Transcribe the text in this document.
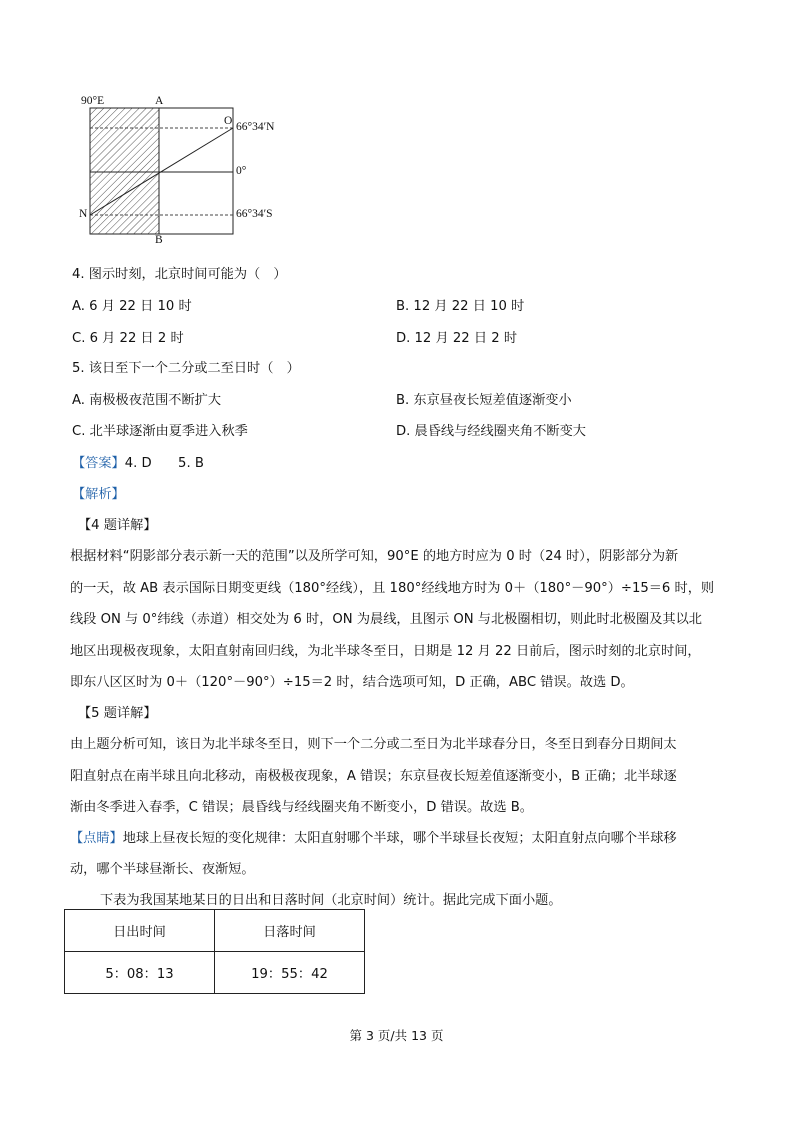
90°E	A
O 66°34′N
0°
N	66°34′S
B
4. 图示时刻，北京时间可能为（　）
A. 6 月 22 日 10 时	B. 12 月 22 日 10 时
C. 6 月 22 日 2 时	D. 12 月 22 日 2 时
5. 该日至下一个二分或二至日时（　）
A. 南极极夜范围不断扩大	B. 东京昼夜长短差值逐渐变小
C. 北半球逐渐由夏季进入秋季	D. 晨昏线与经线圈夹角不断变大
【答案】4. D　　5. B
【解析】
【4 题详解】
根据材料“阴影部分表示新一天的范围”以及所学可知，90°E 的地方时应为 0 时（24 时），阴影部分为新
的一天，故 AB 表示国际日期变更线（180°经线），且 180°经线地方时为 0＋（180°－90°）÷15＝6 时，则
线段 ON 与 0°纬线（赤道）相交处为 6 时，ON 为晨线，且图示 ON 与北极圈相切，则此时北极圈及其以北
地区出现极夜现象，太阳直射南回归线，为北半球冬至日，日期是 12 月 22 日前后，图示时刻的北京时间，
即东八区区时为 0＋（120°－90°）÷15＝2 时，结合选项可知，D 正确，ABC 错误。故选 D。
【5 题详解】
由上题分析可知，该日为北半球冬至日，则下一个二分或二至日为北半球春分日，冬至日到春分日期间太
阳直射点在南半球且向北移动，南极极夜现象，A 错误；东京昼夜长短差值逐渐变小，B 正确；北半球逐
渐由冬季进入春季，C 错误；晨昏线与经线圈夹角不断变小，D 错误。故选 B。
【点睛】地球上昼夜长短的变化规律：太阳直射哪个半球，哪个半球昼长夜短；太阳直射点向哪个半球移
动，哪个半球昼渐长、夜渐短。
下表为我国某地某日的日出和日落时间（北京时间）统计。据此完成下面小题。
日出时间	日落时间
5：08：13	19：55：42
第 3 页/共 13 页
